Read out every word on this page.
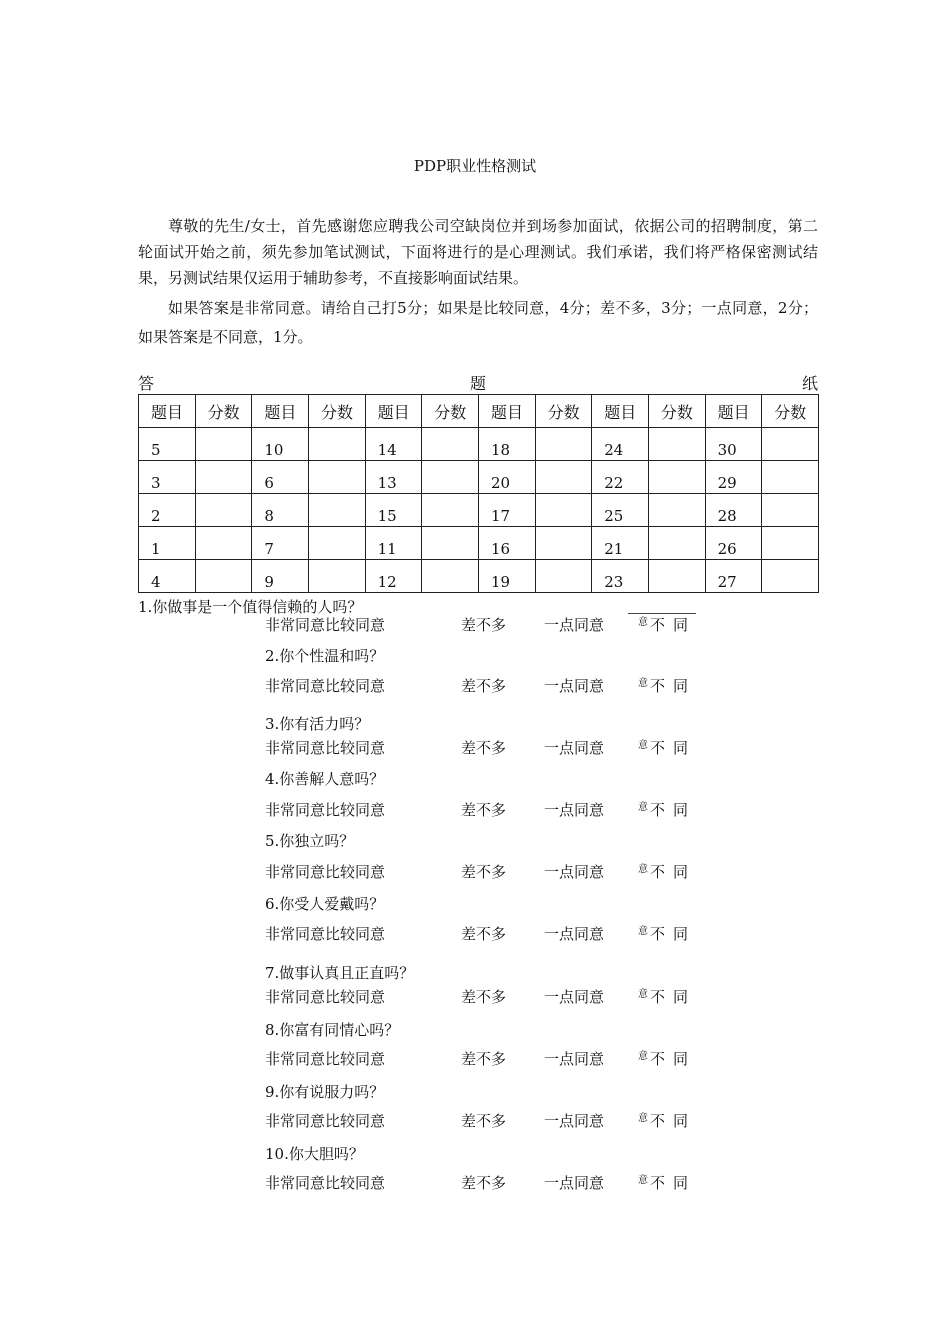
PDP职业性格测试
尊敬的先生/女士，首先感谢您应聘我公司空缺岗位并到场参加面试，依据公司的招聘制度，第二轮面试开始之前，须先参加笔试测试，下面将进行的是心理测试。我们承诺，我们将严格保密测试结果，另测试结果仅运用于辅助参考，不直接影响面试结果。
如果答案是非常同意。请给自己打5分；如果是比较同意，4分；差不多，3分；一点同意，2分；如果答案是不同意，1分。
答	题	纸
题目	分数	题目	分数	题目	分数	题目	分数	题目	分数	题目	分数
5		10		14		18		24		30	
3		6		13		20		22		29	
2		8		15		17		25		28	
1		7		11		16		21		26	
4		9		12		19		23		27	
1.你做事是一个值得信赖的人吗？
非常同意比较同意	差不多	一点同意	不同
意
2.你个性温和吗？
非常同意比较同意	差不多	一点同意	不同
意
3.你有活力吗？
非常同意比较同意	差不多	一点同意	不同
意
4.你善解人意吗？
非常同意比较同意	差不多	一点同意	不同
意
5.你独立吗？
非常同意比较同意	差不多	一点同意	不同
意
6.你受人爱戴吗？
非常同意比较同意	差不多	一点同意	不同
意
7.做事认真且正直吗？
非常同意比较同意	差不多	一点同意	不同
意
8.你富有同情心吗？
非常同意比较同意	差不多	一点同意	不同
意
9.你有说服力吗？
非常同意比较同意	差不多	一点同意	不同
意
10.你大胆吗？
非常同意比较同意	差不多	一点同意	不同
意
